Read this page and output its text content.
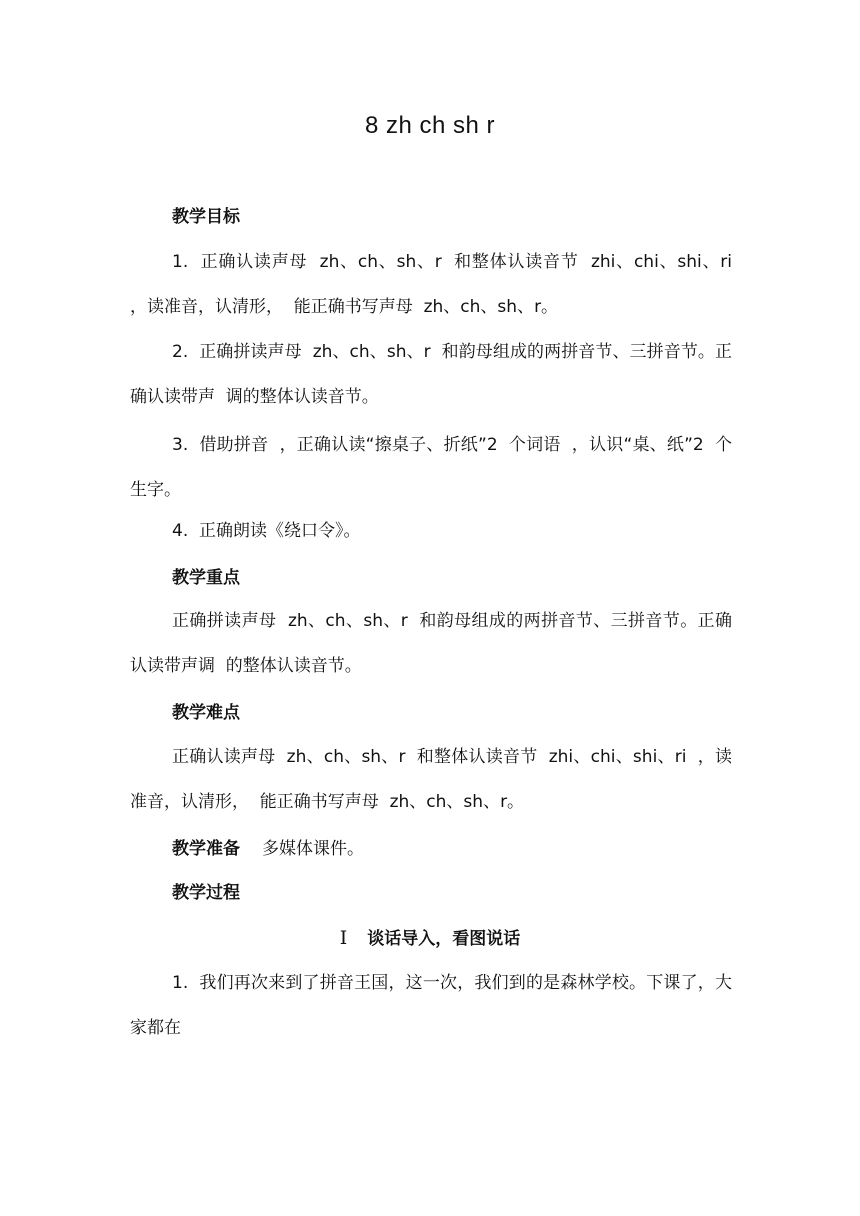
8 zh ch sh r
教学目标
1.  正确认读声母  zh、ch、sh、r  和整体认读音节  zhi、chi、shi、ri  ，读准音，认清形，  能正确书写声母  zh、ch、sh、r。
2.  正确拼读声母  zh、ch、sh、r  和韵母组成的两拼音节、三拼音节。正确认读带声  调的整体认读音节。
3.  借助拼音  ，正确认读“擦桌子、折纸”2  个词语  ，认识“桌、纸”2  个生字。
4.  正确朗读《绕口令》。
教学重点
正确拼读声母  zh、ch、sh、r  和韵母组成的两拼音节、三拼音节。正确认读带声调  的整体认读音节。
教学难点
正确认读声母  zh、ch、sh、r  和整体认读音节  zhi、chi、shi、ri  ，读准音，认清形，  能正确书写声母  zh、ch、sh、r。
教学准备 多媒体课件。
教学过程
Ⅰ 谈话导入，看图说话
1.  我们再次来到了拼音王国，这一次，我们到的是森林学校。下课了，大家都在
